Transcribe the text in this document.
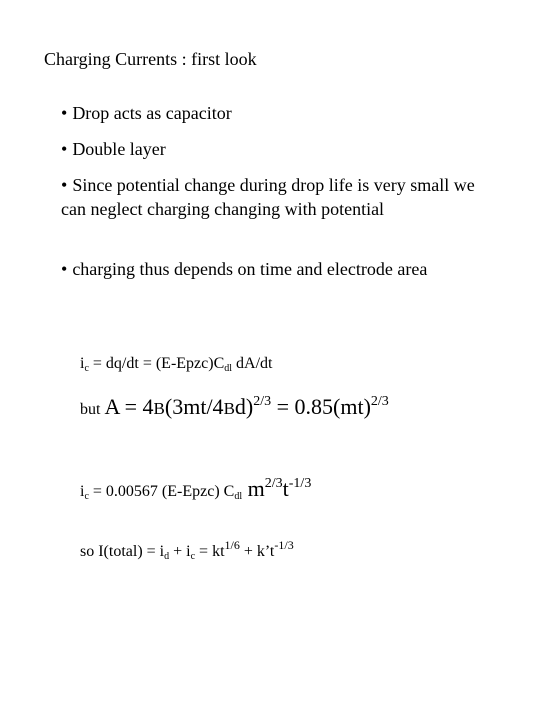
Charging Currents : first look
• Drop acts as capacitor
• Double layer
• Since potential change during drop life is very small we can neglect charging changing with potential
• charging thus depends on time and electrode area
$i_c = dq/dt$ = $(E-Epzc)C_{dl}$ dA/dt
but $A = 4B(3mt/4Bd)^{2/3} = 0.85(mt)^{2/3}$
$i_c = 0.00567$ (E-Epzc) $C_{dl}$ $m^{2/3}t^{-1/3}$
so I(total) = $i_d + i_c = kt^{1/6}$ + $k’t^{-1/3}$
